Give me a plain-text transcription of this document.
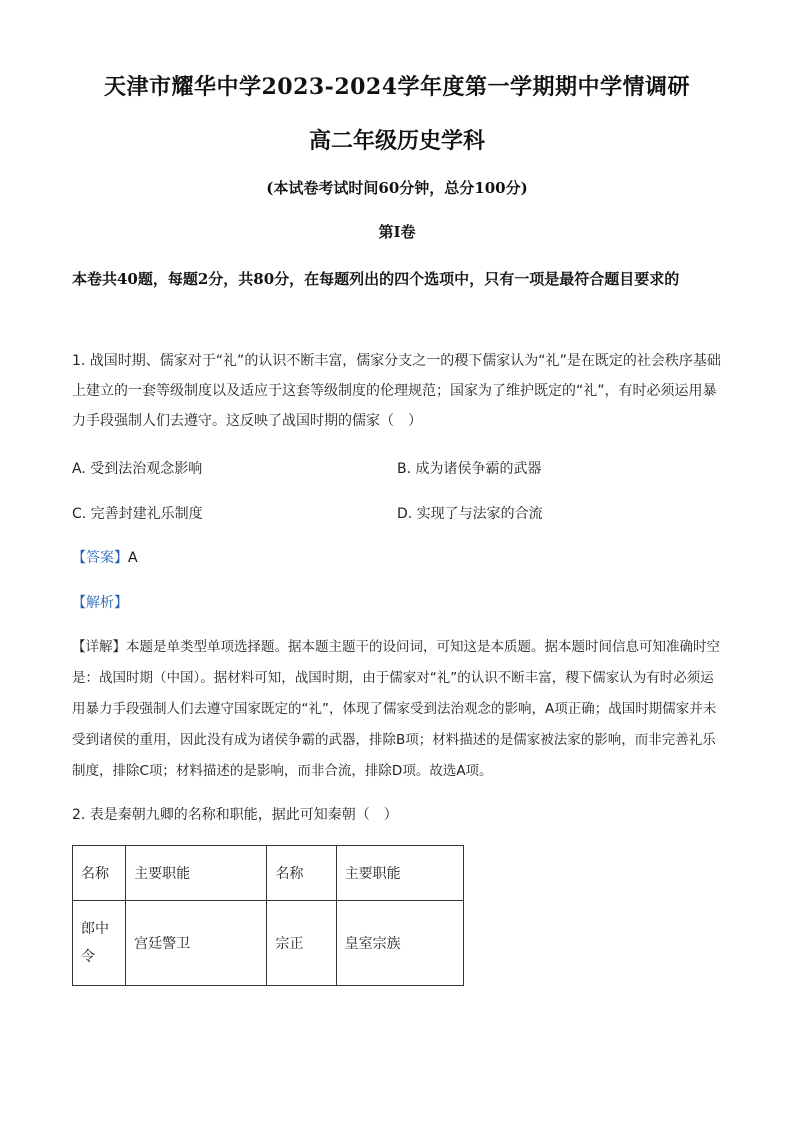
天津市耀华中学2023-2024学年度第一学期期中学情调研
高二年级历史学科
(本试卷考试时间60分钟，总分100分)
第I卷
本卷共40题，每题2分，共80分，在每题列出的四个选项中，只有一项是最符合题目要求的
1. 战国时期、儒家对于“礼”的认识不断丰富，儒家分支之一的稷下儒家认为“礼”是在既定的社会秩序基础上建立的一套等级制度以及适应于这套等级制度的伦理规范；国家为了维护既定的“礼”，有时必须运用暴力手段强制人们去遵守。这反映了战国时期的儒家（　）
A. 受到法治观念影响	B. 成为诸侯争霸的武器
C. 完善封建礼乐制度	D. 实现了与法家的合流
【答案】A
【解析】
【详解】本题是单类型单项选择题。据本题主题干的设问词，可知这是本质题。据本题时间信息可知准确时空是：战国时期（中国）。据材料可知，战国时期，由于儒家对“礼”的认识不断丰富，稷下儒家认为有时必须运用暴力手段强制人们去遵守国家既定的“礼”，体现了儒家受到法治观念的影响，A项正确；战国时期儒家并未受到诸侯的重用，因此没有成为诸侯争霸的武器，排除B项；材料描述的是儒家被法家的影响，而非完善礼乐制度，排除C项；材料描述的是影响，而非合流，排除D项。故选A项。
2. 表是秦朝九卿的名称和职能，据此可知秦朝（　）
名称	主要职能	名称	主要职能
郎中
令	宫廷警卫	宗正	皇室宗族
